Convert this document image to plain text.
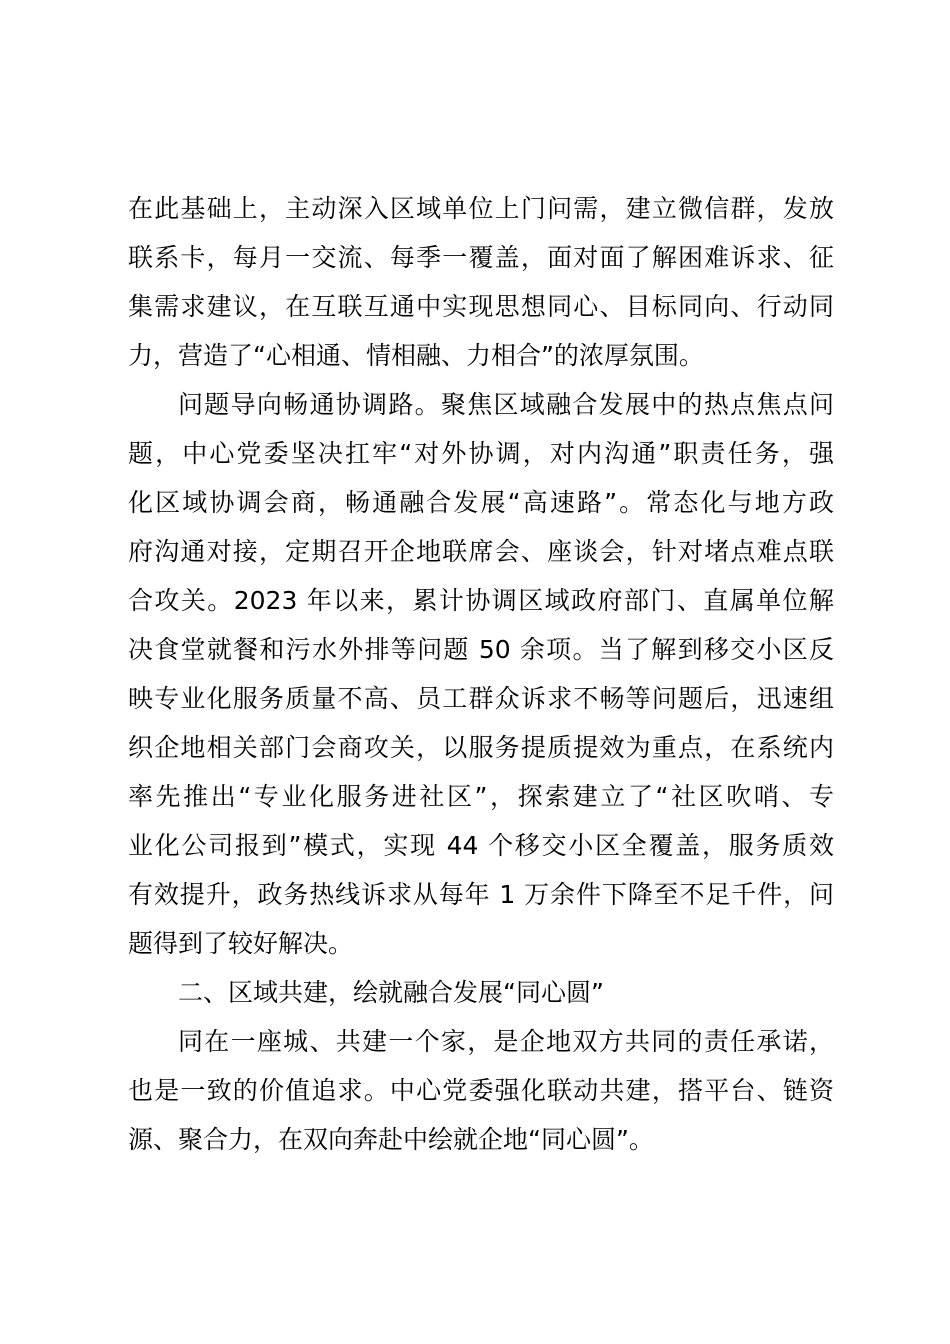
在此基础上，主动深入区域单位上门问需，建立微信群，发放
联系卡，每月一交流、每季一覆盖，面对面了解困难诉求、征
集需求建议，在互联互通中实现思想同心、目标同向、行动同
力，营造了“心相通、情相融、力相合”的浓厚氛围。
问题导向畅通协调路。聚焦区域融合发展中的热点焦点问
题，中心党委坚决扛牢“对外协调，对内沟通”职责任务，强
化区域协调会商，畅通融合发展“高速路”。常态化与地方政
府沟通对接，定期召开企地联席会、座谈会，针对堵点难点联
合攻关。2023 年以来，累计协调区域政府部门、直属单位解
决食堂就餐和污水外排等问题 50 余项。当了解到移交小区反
映专业化服务质量不高、员工群众诉求不畅等问题后，迅速组
织企地相关部门会商攻关，以服务提质提效为重点，在系统内
率先推出“专业化服务进社区”，探索建立了“社区吹哨、专
业化公司报到”模式，实现 44 个移交小区全覆盖，服务质效
有效提升，政务热线诉求从每年 1 万余件下降至不足千件，问
题得到了较好解决。
二、区域共建，绘就融合发展“同心圆”
同在一座城、共建一个家，是企地双方共同的责任承诺，
也是一致的价值追求。中心党委强化联动共建，搭平台、链资
源、聚合力，在双向奔赴中绘就企地“同心圆”。
